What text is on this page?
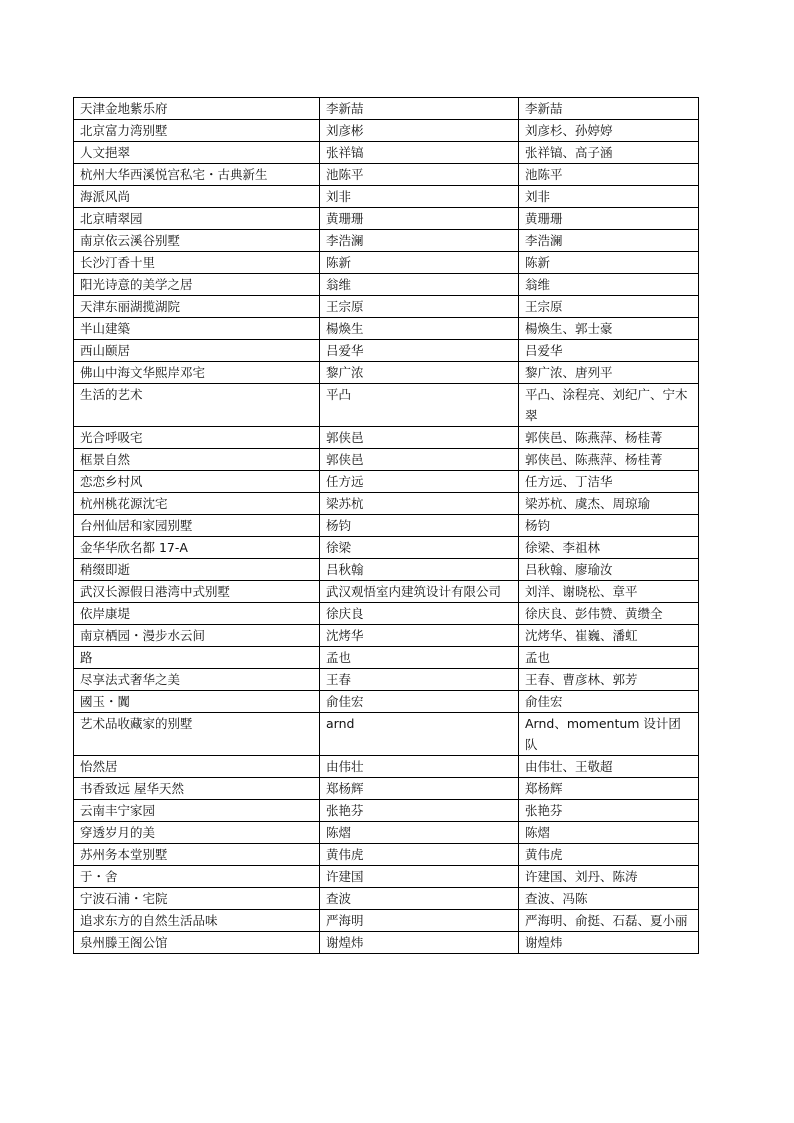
天津金地紫乐府	李新喆	李新喆
北京富力湾别墅	刘彦彬	刘彦杉、孙婷婷
人文挹翠	张祥镐	张祥镐、高子涵
杭州大华西溪悦宫私宅・古典新生	池陈平	池陈平
海派风尚	刘非	刘非
北京晴翠园	黄珊珊	黄珊珊
南京依云溪谷别墅	李浩澜	李浩澜
长沙汀香十里	陈新	陈新
阳光诗意的美学之居	翁维	翁维
天津东丽湖揽湖院	王宗原	王宗原
半山建築	楊煥生	楊煥生、郭士豪
西山颐居	吕爱华	吕爱华
佛山中海文华熙岸邓宅	黎广浓	黎广浓、唐列平
生活的艺术	平凸	平凸、涂程亮、刘纪广、宁木翠
光合呼吸宅	郭侠邑	郭侠邑、陈燕萍、杨桂菁
框景自然	郭侠邑	郭侠邑、陈燕萍、杨桂菁
恋恋乡村风	任方远	任方远、丁洁华
杭州桃花源沈宅	梁苏杭	梁苏杭、虞杰、周琼瑜
台州仙居和家园别墅	杨钧	杨钧
金华华欣名都 17-A	徐梁	徐梁、李祖林
稍缀即逝	吕秋翰	吕秋翰、廖瑜汝
武汉长源假日港湾中式别墅	武汉观悟室内建筑设计有限公司	刘洋、谢晓松、章平
依岸康堤	徐庆良	徐庆良、彭伟赞、黄缵全
南京栖园・漫步水云间	沈烤华	沈烤华、崔巍、潘虹
路	孟也	孟也
尽享法式奢华之美	王春	王春、曹彦林、郭芳
國玉・闐	俞佳宏	俞佳宏
艺术品收藏家的别墅	arnd	Arnd、momentum 设计团队
怡然居	由伟壮	由伟壮、王敬超
书香致远 屋华天然	郑杨辉	郑杨辉
云南丰宁家园	张艳芬	张艳芬
穿透岁月的美	陈熠	陈熠
苏州务本堂别墅	黄伟虎	黄伟虎
于・舍	许建国	许建国、刘丹、陈涛
宁波石浦・宅院	查波	查波、冯陈
追求东方的自然生活品味	严海明	严海明、俞挺、石磊、夏小丽
泉州滕王阁公馆	谢煌炜	谢煌炜
